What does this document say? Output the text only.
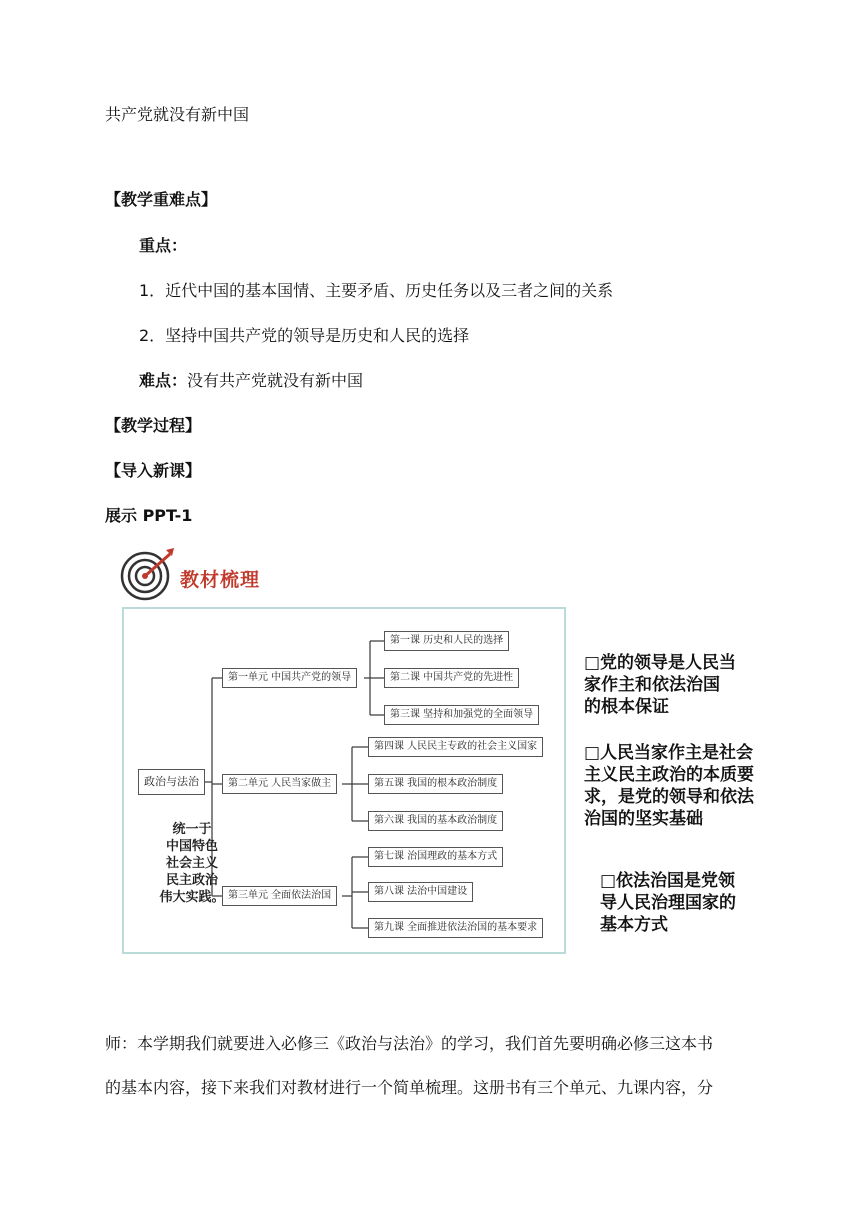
共产党就没有新中国
【教学重难点】
重点：
1．近代中国的基本国情、主要矛盾、历史任务以及三者之间的关系
2．坚持中国共产党的领导是历史和人民的选择
难点：没有共产党就没有新中国
【教学过程】
【导入新课】
展示 PPT-1
教材梳理
政治与法治
第一单元 中国共产党的领导
第二单元 人民当家做主
第三单元 全面依法治国
第一课 历史和人民的选择
第二课 中国共产党的先进性
第三课 坚持和加强党的全面领导
第四课 人民民主专政的社会主义国家
第五课 我国的根本政治制度
第六课 我国的基本政治制度
第七课 治国理政的基本方式
第八课 法治中国建设
第九课 全面推进依法治国的基本要求
统一于
中国特色
社会主义
民主政治
伟大实践。
□党的领导是人民当
家作主和依法治国
的根本保证
□人民当家作主是社会
主义民主政治的本质要
求，是党的领导和依法
治国的坚实基础
□依法治国是党领
导人民治理国家的
基本方式
师：本学期我们就要进入必修三《政治与法治》的学习，我们首先要明确必修三这本书
的基本内容，接下来我们对教材进行一个简单梳理。这册书有三个单元、九课内容，分
